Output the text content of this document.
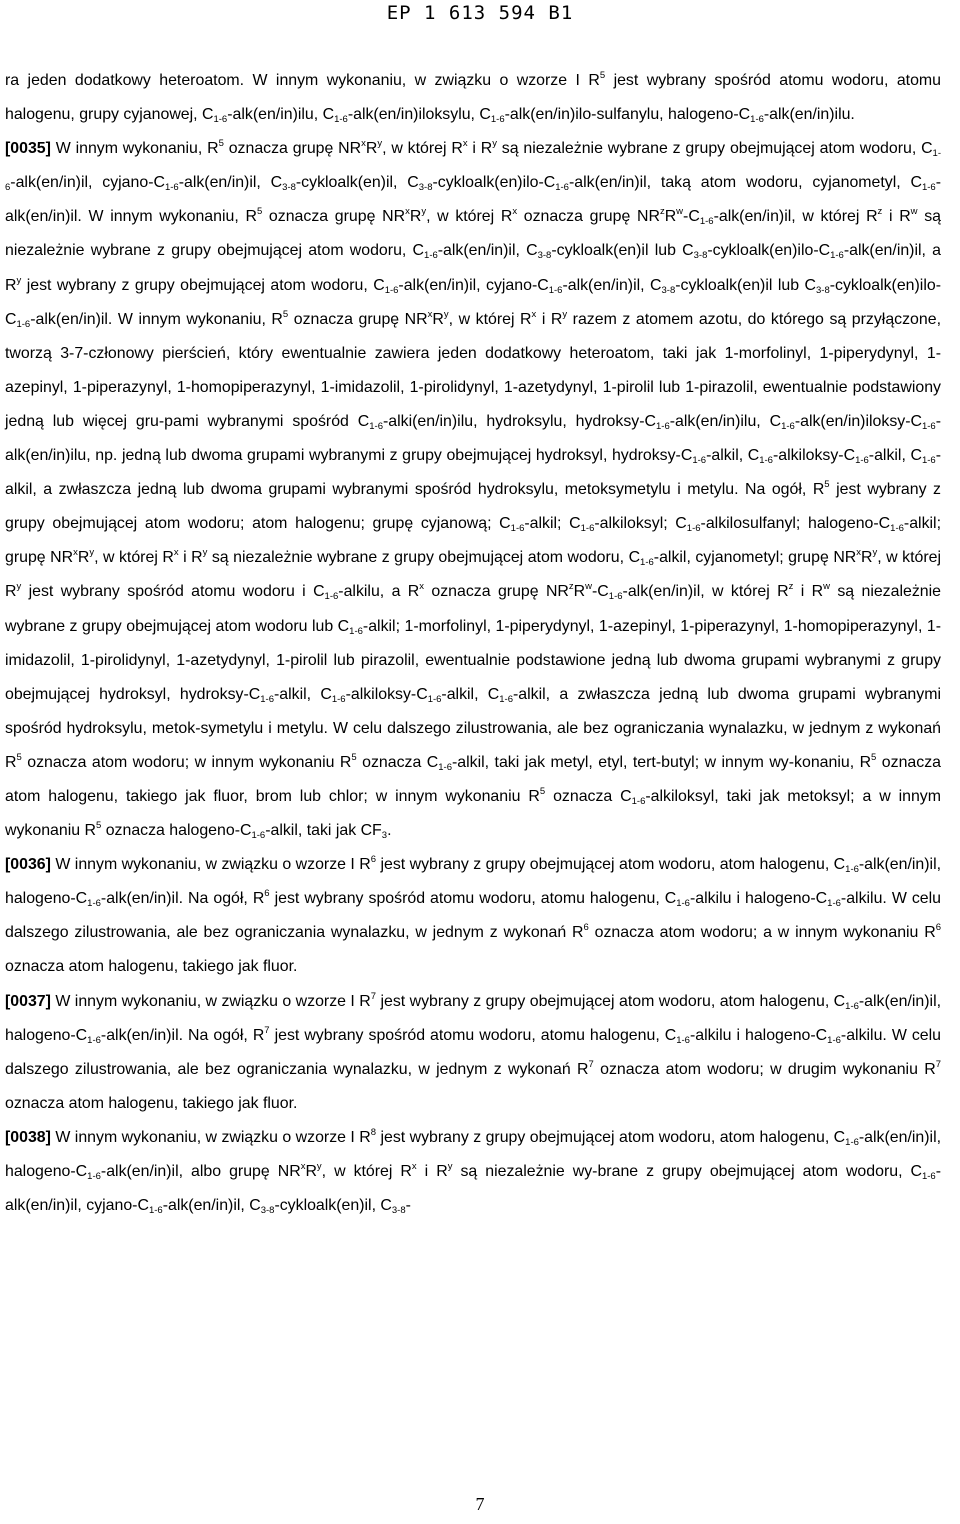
EP 1 613 594 B1

ra jeden dodatkowy heteroatom. W innym wykonaniu, w związku o wzorze I $R^5$ jest wybrany spośród atomu wodoru, atomu halogenu, grupy cyjanowej, $C_{1-6}-alk(en/in)ilu$, $C_{1-6}-alk(en/in)iloksylu$, $C_{1-6}-alk(en/in)ilo$-sulfanylu, halogeno-$C_{1-6}-alk(en/in)ilu$.

[0035] W innym wykonaniu, $R^5$ oznacza grupę $NR^xR^y$, w której $R^x$ i $R^y$ są niezależnie wybrane z grupy obejmującej atom wodoru, $C_{1-6}-alk(en/in)il$, cyjano-$C_{1-6}-alk(en/in)il$, $C_{3-8}-cykloalk(en)il$, $C_{3-8}-cykloalk(en)ilo-C_{1-6}-alk(en/in)il$, taką atom wodoru, cyjanometyl, $C_{1-6}-alk(en/in)il$. W innym wykonaniu, $R^5$ oznacza grupę $NR^xR^y$, w której $R^x$ oznacza grupę $NR^zR^w-C_{1-6}-alk(en/in)il$, w której $R^z$ i $R^w$ są niezależnie wybrane z grupy obejmującej atom wodoru, $C_{1-6}-alk(en/in)il$, $C_{3-8}-cykloalk(en)il$ lub $C_{3-8}-cykloalk(en)ilo-C_{1-6}-alk(en/in)il$, a $R^y$ jest wybrany z grupy obejmującej atom wodoru, $C_{1-6}-alk(en/in)il$, cyjano-$C_{1-6}-alk(en/in)il$, $C_{3-8}-cykloalk(en)il$ lub $C_{3-8}-cykloalk(en)ilo-C_{1-6}-alk(en/in)il$. W innym wykonaniu, $R^5$ oznacza grupę $NR^xR^y$, w której $R^x$ i $R^y$ razem z atomem azotu, do którego są przyłączone, tworzą 3-7-członowy pierścień, który ewentualnie zawiera jeden dodatkowy heteroatom, taki jak 1-morfolinyl, 1-piperydynyl, 1-azepinyl, 1-piperazynyl, 1-homopiperazynyl, 1-imidazolil, 1-pirolidynyl, 1-azetydynyl, 1-pirolil lub 1-pirazolil, ewentualnie podstawiony jedną lub więcej gru-pami wybranymi spośród $C_{1-6}-alki(en/in)ilu$, hydroksylu, hydroksy-$C_{1-6}-alk(en/in)ilu$, $C_{1-6}-alk(en/in)iloksy-C_{1-6}-alk(en/in)ilu$, np. jedną lub dwoma grupami wybranymi z grupy obejmującej hydroksyl, hydroksy-$C_{1-6}$-alkil, $C_{1-6}-alkiloksy-C_{1-6}$-alkil, $C_{1-6}$-alkil, a zwłaszcza jedną lub dwoma grupami wybranymi spośród hydroksylu, metoksymetylu i metylu. Na ogół, $R^5$ jest wybrany z grupy obejmującej atom wodoru; atom halogenu; grupę cyjanową; $C_{1-6}$-alkil; $C_{1-6}$-alkiloksyl; $C_{1-6}$-alkilosulfanyl; halogeno-$C_{1-6}$-alkil; grupę $NR^xR^y$, w której $R^x$ i $R^y$ są niezależnie wybrane z grupy obejmującej atom wodoru, $C_{1-6}$-alkil, cyjanometyl; grupę $NR^xR^y$, w której $R^y$ jest wybrany spośród atomu wodoru i $C_{1-6}$-alkilu, a $R^x$ oznacza grupę $NR^zR^w-C_{1-6}-alk(en/in)il$, w której $R^z$ i $R^w$ są niezależnie wybrane z grupy obejmującej atom wodoru lub $C_{1-6}$-alkil; 1-morfolinyl, 1-piperydynyl, 1-azepinyl, 1-piperazynyl, 1-homopiperazynyl, 1-imidazolil, 1-pirolidynyl, 1-azetydynyl, 1-pirolil lub pirazolil, ewentualnie podstawione jedną lub dwoma grupami wybranymi z grupy obejmującej hydroksyl, hydroksy-$C_{1-6}$-alkil, $C_{1-6}-alkiloksy-C_{1-6}$-alkil, $C_{1-6}$-alkil, a zwłaszcza jedną lub dwoma grupami wybranymi spośród hydroksylu, metok-symetylu i metylu. W celu dalszego zilustrowania, ale bez ograniczania wynalazku, w jednym z wykonań $R^5$ oznacza atom wodoru; w innym wykonaniu $R^5$ oznacza $C_{1-6}$-alkil, taki jak metyl, etyl, tert-butyl; w innym wy-konaniu, $R^5$ oznacza atom halogenu, takiego jak fluor, brom lub chlor; w innym wykonaniu $R^5$ oznacza $C_{1-6}$-alkiloksyl, taki jak metoksyl; a w innym wykonaniu $R^5$ oznacza halogeno-$C_{1-6}$-alkil, taki jak $CF_3$.

[0036] W innym wykonaniu, w związku o wzorze I $R^6$ jest wybrany z grupy obejmującej atom wodoru, atom halogenu, $C_{1-6}-alk(en/in)il$, halogeno-$C_{1-6}-alk(en/in)il$. Na ogół, $R^6$ jest wybrany spośród atomu wodoru, atomu halogenu, $C_{1-6}$-alkilu i halogeno-$C_{1-6}$-alkilu. W celu dalszego zilustrowania, ale bez ograniczania wynalazku, w jednym z wykonań $R^6$ oznacza atom wodoru; a w innym wykonaniu $R^6$ oznacza atom halogenu, takiego jak fluor.

[0037] W innym wykonaniu, w związku o wzorze I $R^7$ jest wybrany z grupy obejmującej atom wodoru, atom halogenu, $C_{1-6}-alk(en/in)il$, halogeno-$C_{1-6}-alk(en/in)il$. Na ogół, $R^7$ jest wybrany spośród atomu wodoru, atomu halogenu, $C_{1-6}$-alkilu i halogeno-$C_{1-6}$-alkilu. W celu dalszego zilustrowania, ale bez ograniczania wynalazku, w jednym z wykonań $R^7$ oznacza atom wodoru; w drugim wykonaniu $R^7$ oznacza atom halogenu, takiego jak fluor.

[0038] W innym wykonaniu, w związku o wzorze I $R^8$ jest wybrany z grupy obejmującej atom wodoru, atom halogenu, $C_{1-6}-alk(en/in)il$, halogeno-$C_{1-6}-alk(en/in)il$, albo grupę $NR^xR^y$, w której $R^x$ i $R^y$ są niezależnie wy-brane z grupy obejmującej atom wodoru, $C_{1-6}-alk(en/in)il$, cyjano-$C_{1-6}-alk(en/in)il$, $C_{3-8}-cykloalk(en)il$, $C_{3-8}-$

7
